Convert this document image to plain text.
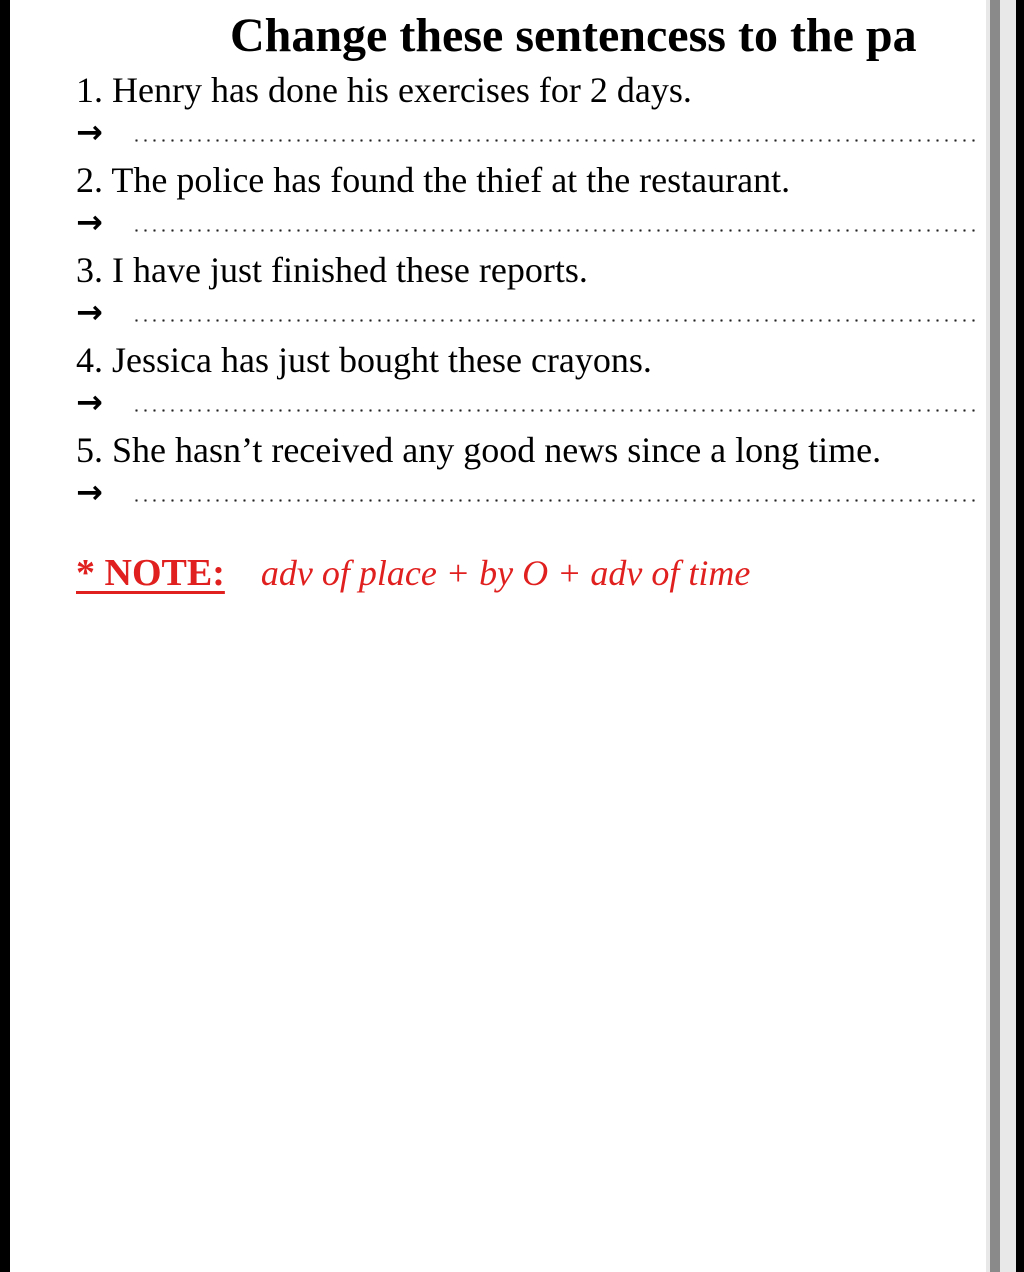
Change these sentencess to the pa
1. Henry has done his exercises for 2 days.
→
2. The police has found the thief at the restaurant.
→
3. I have just finished these reports.
→
4. Jessica has just bought these crayons.
→
5. She hasn’t received any good news since a long time.
→
* NOTE: adv of place + by O + adv of time
